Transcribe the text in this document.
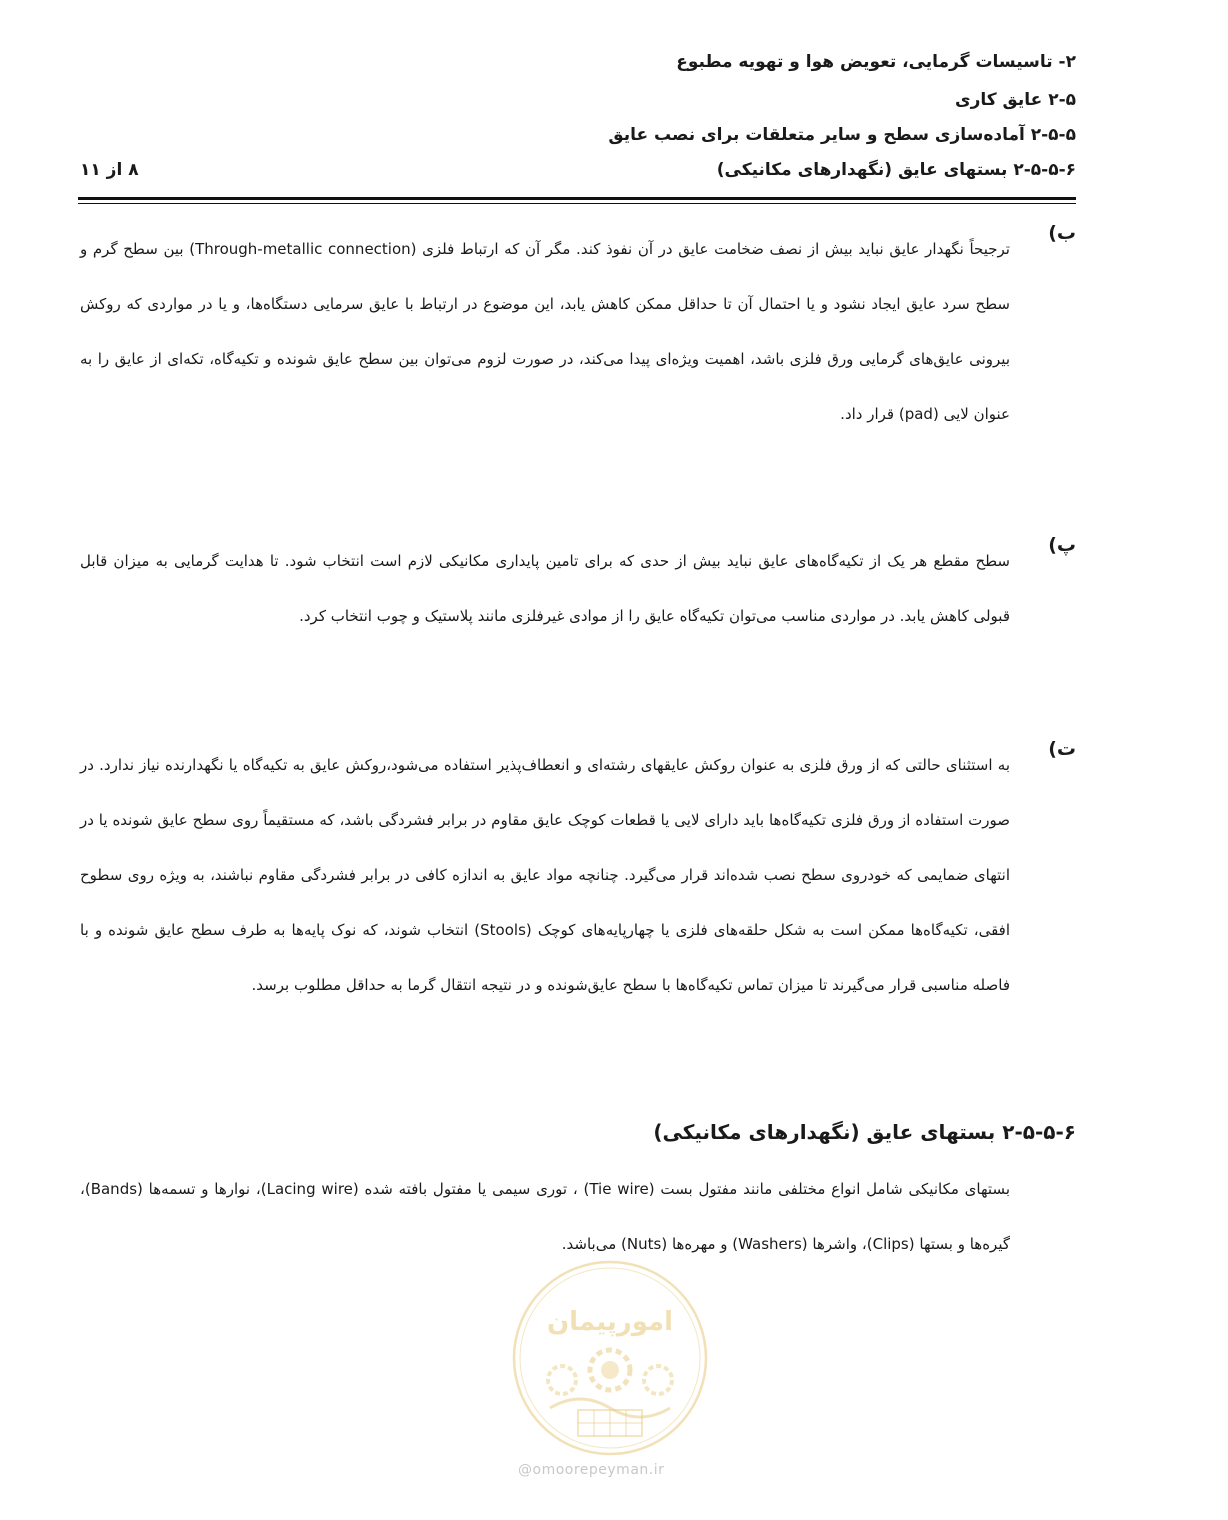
۲- تاسیسات گرمایی، تعویض هوا و تهویه مطبوع
۲-۵ عایق کاری
۲-۵-۵ آماده‌سازی سطح و سایر متعلقات برای نصب عایق
۲-۵-۵-۶ بستهای عایق (نگهدارهای مکانیکی)
۸ از ۱۱
ب)
ترجیحاً نگهدار عایق نباید بیش از نصف ضخامت عایق در آن نفوذ کند. مگر آن که ارتباط فلزی (Through-metallic connection) بین سطح گرم و سطح سرد عایق ایجاد نشود و یا احتمال آن تا حداقل ممکن کاهش یابد، این موضوع در ارتباط با عایق سرمایی دستگاه‌ها، و یا در مواردی که روکش بیرونی عایق‌های گرمایی ورق فلزی باشد، اهمیت ویژه‌ای پیدا می‌کند، در صورت لزوم می‌توان بین سطح عایق شونده و تکیه‌گاه، تکه‌ای از عایق را به عنوان لایی (pad) قرار داد.
پ)
سطح مقطع هر یک از تکیه‌گاه‌های عایق نباید بیش از حدی که برای تامین پایداری مکانیکی لازم است انتخاب شود. تا هدایت گرمایی به میزان قابل قبولی کاهش یابد. در مواردی مناسب می‌توان تکیه‌گاه عایق را از موادی غیرفلزی مانند پلاستیک و چوب انتخاب کرد.
ت)
به استثنای حالتی که از ورق فلزی به عنوان روکش عایقهای رشته‌ای و انعطاف‌پذیر استفاده می‌شود،روکش عایق به تکیه‌گاه یا نگهدارنده نیاز ندارد. در صورت استفاده از ورق فلزی تکیه‌گاه‌ها باید دارای لایی یا قطعات کوچک عایق مقاوم در برابر فشردگی باشد، که مستقیماً روی سطح عایق شونده یا در انتهای ضمایمی که خودروی سطح نصب شده‌اند قرار می‌گیرد. چنانچه مواد عایق به اندازه کافی در برابر فشردگی مقاوم نباشند، به ویژه روی سطوح افقی، تکیه‌گاه‌ها ممکن است به شکل حلقه‌های فلزی یا چهارپایه‌های کوچک (Stools) انتخاب شوند، که نوک پایه‌ها به طرف سطح عایق شونده و با فاصله مناسبی قرار می‌گیرند تا میزان تماس تکیه‌گاه‌ها با سطح عایق‌شونده و در نتیجه انتقال گرما به حداقل مطلوب برسد.
۲-۵-۵-۶ بستهای عایق (نگهدارهای مکانیکی)
بستهای مکانیکی شامل انواع مختلفی مانند مفتول بست (Tie wire) ، توری سیمی یا مفتول بافته شده (Lacing wire)، نوارها و تسمه‌ها (Bands)، گیره‌ها و بستها (Clips)، واشرها (Washers) و مهره‌ها (Nuts) می‌باشد.
امورپیمان
@omoorepeyman.ir
